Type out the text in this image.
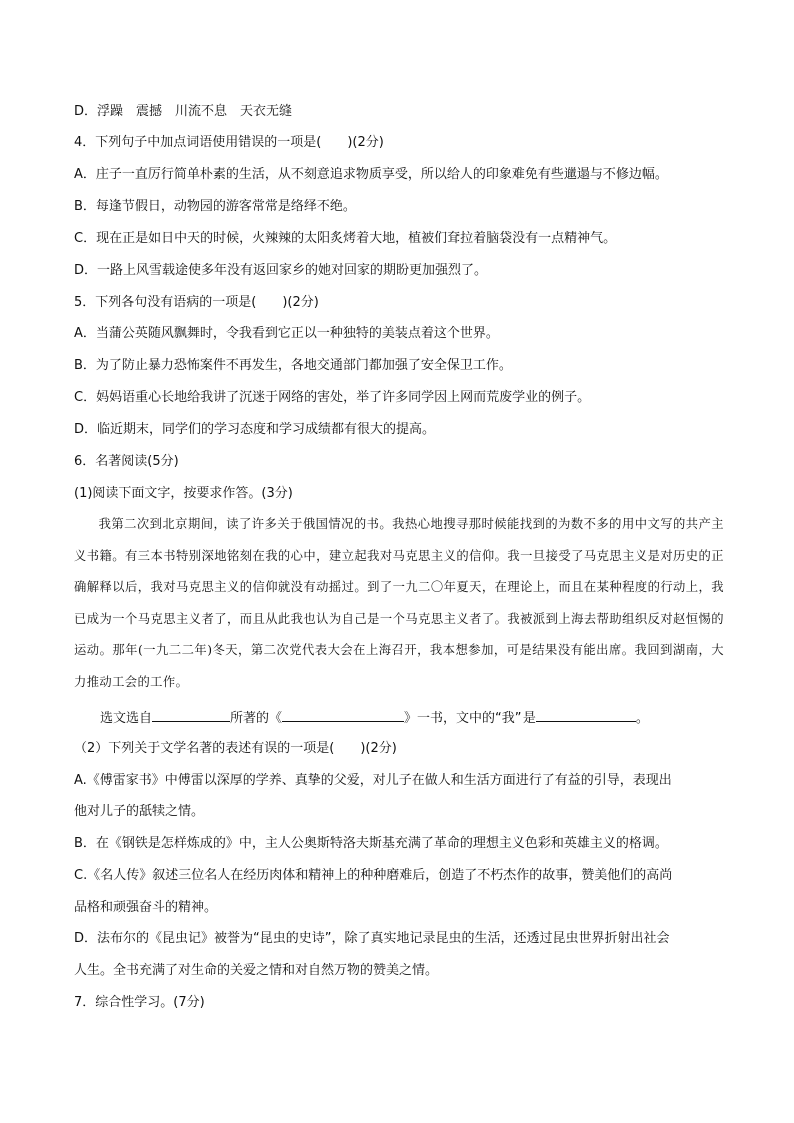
D．浮躁　震撼　川流不息　天衣无缝
4．下列句子中加点词语使用错误的一项是(　　)(2分)
A．庄子一直厉行简单朴素的生活，从不刻意追求物质享受，所以给人的印象难免有些邋遢与不修边幅。
B．每逢节假日，动物园的游客常常是络绎不绝。
C．现在正是如日中天的时候，火辣辣的太阳炙烤着大地，植被们耷拉着脑袋没有一点精神气。
D．一路上风雪载途使多年没有返回家乡的她对回家的期盼更加强烈了。
5．下列各句没有语病的一项是(　　)(2分)
A．当蒲公英随风飘舞时，令我看到它正以一种独特的美装点着这个世界。
B．为了防止暴力恐怖案件不再发生，各地交通部门都加强了安全保卫工作。
C．妈妈语重心长地给我讲了沉迷于网络的害处，举了许多同学因上网而荒废学业的例子。
D．临近期末，同学们的学习态度和学习成绩都有很大的提高。
6．名著阅读(5分)
(1)阅读下面文字，按要求作答。(3分)
我第二次到北京期间，读了许多关于俄国情况的书。我热心地搜寻那时候能找到的为数不多的用中文写的共产主义书籍。有三本书特别深地铭刻在我的心中，建立起我对马克思主义的信仰。我一旦接受了马克思主义是对历史的正确解释以后，我对马克思主义的信仰就没有动摇过。到了一九二〇年夏天，在理论上，而且在某种程度的行动上，我已成为一个马克思主义者了，而且从此我也认为自己是一个马克思主义者了。我被派到上海去帮助组织反对赵恒惕的运动。那年(一九二二年)冬天，第二次党代表大会在上海召开，我本想参加，可是结果没有能出席。我回到湖南，大力推动工会的工作。
选文选自	所著的《	》一书，文中的“我” 是	。
（2）下列关于文学名著的表述有误的一项是(　　)(2分)
A.《傅雷家书》中傅雷以深厚的学养、真挚的父爱，对儿子在做人和生活方面进行了有益的引导，表现出
他对儿子的舐犊之情。
B．在《钢铁是怎样炼成的》中，主人公奥斯特洛夫斯基充满了革命的理想主义色彩和英雄主义的格调。
C.《名人传》叙述三位名人在经历肉体和精神上的种种磨难后，创造了不朽杰作的故事，赞美他们的高尚
品格和顽强奋斗的精神。
D．法布尔的《昆虫记》被誉为“昆虫的史诗”，除了真实地记录昆虫的生活，还透过昆虫世界折射出社会
人生。全书充满了对生命的关爱之情和对自然万物的赞美之情。
7．综合性学习。(7分)
